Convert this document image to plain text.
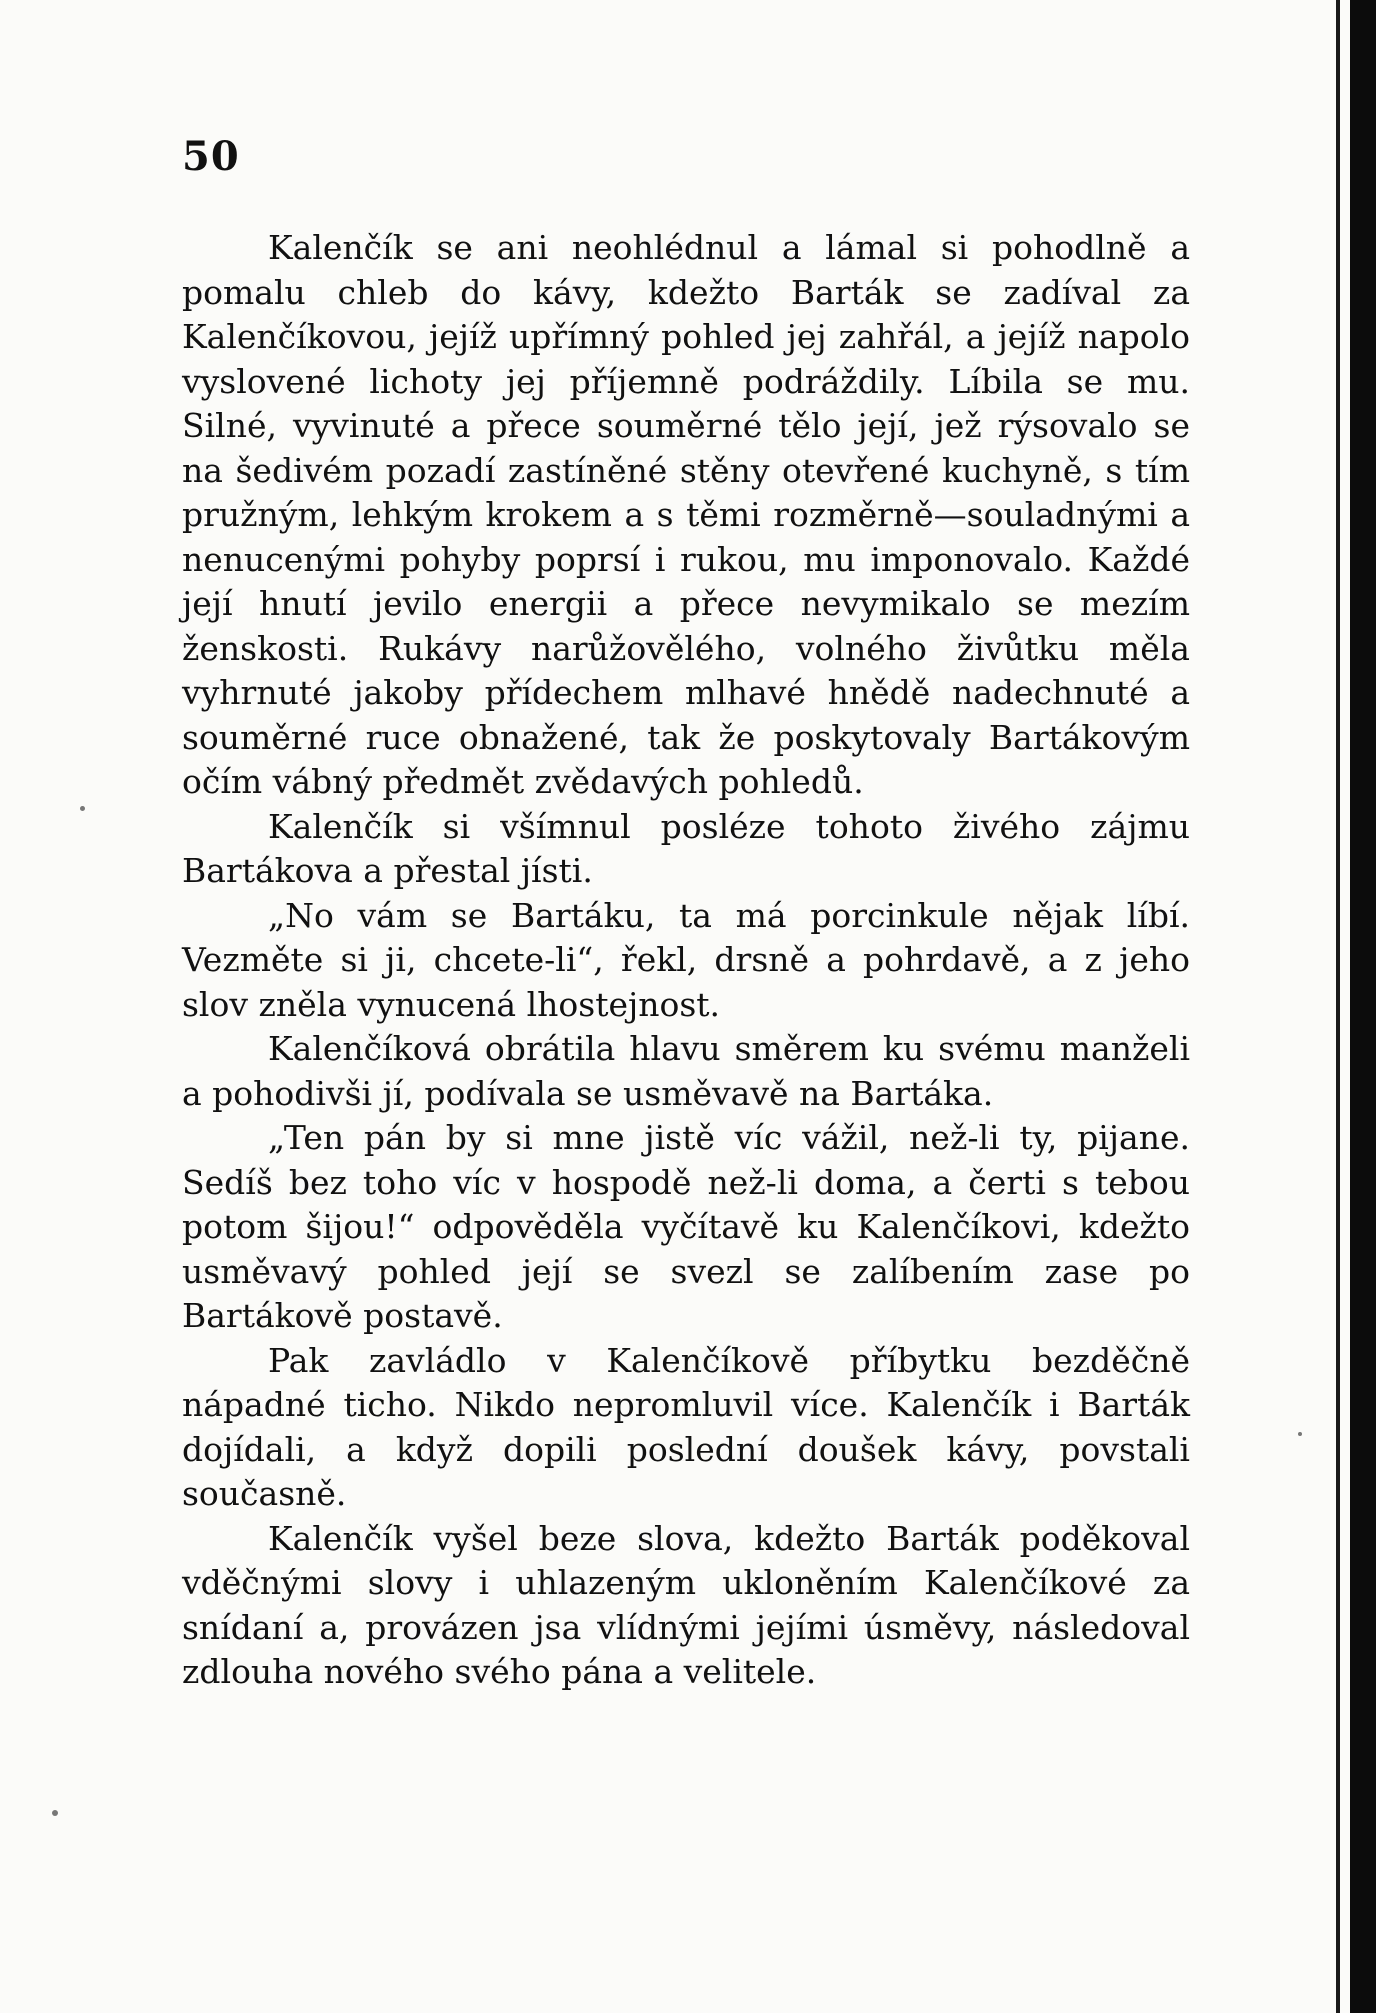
50

Kalenčík se ani neohlédnul a lámal si pohodlně a pomalu chleb do kávy, kdežto Barták se zadíval za Kalenčíkovou, jejíž upřímný pohled jej zahřál, a jejíž napolo vyslovené lichoty jej příjemně podráždily. Líbila se mu. Silné, vyvinuté a přece souměrné tělo její, jež rýsovalo se na šedivém pozadí zastíněné stěny otevřené kuchyně, s tím pružným, lehkým krokem a s těmi rozměrně—souladnými a nenucenými pohyby poprsí i rukou, mu imponovalo. Každé její hnutí jevilo energii a přece nevymikalo se mezím ženskosti. Rukávy narůžovělého, volného živůtku měla vyhrnuté jakoby přídechem mlhavé hnědě nadechnuté a souměrné ruce obnažené, tak že poskytovaly Bartákovým očím vábný předmět zvědavých pohledů.

Kalenčík si všímnul posléze tohoto živého zájmu Bartákova a přestal jísti.

„No vám se Bartáku, ta má porcinkule nějak líbí. Vezměte si ji, chcete-li“, řekl, drsně a pohrdavě, a z jeho slov zněla vynucená lhostejnost.

Kalenčíková obrátila hlavu směrem ku svému manželi a pohodivši jí, podívala se usměvavě na Bartáka.

„Ten pán by si mne jistě víc vážil, než-li ty, pijane. Sedíš bez toho víc v hospodě než-li doma, a čerti s tebou potom šijou!“ odpověděla vyčítavě ku Kalenčíkovi, kdežto usměvavý pohled její se svezl se zalíbením zase po Bartákově postavě.

Pak zavládlo v Kalenčíkově příbytku bezděčně nápadné ticho. Nikdo nepromluvil více. Kalenčík i Barták dojídali, a když dopili poslední doušek kávy, povstali současně.

Kalenčík vyšel beze slova, kdežto Barták poděkoval vděčnými slovy i uhlazeným ukloněním Kalenčíkové za snídaní a, provázen jsa vlídnými jejími úsměvy, následoval zdlouha nového svého pána a velitele.
